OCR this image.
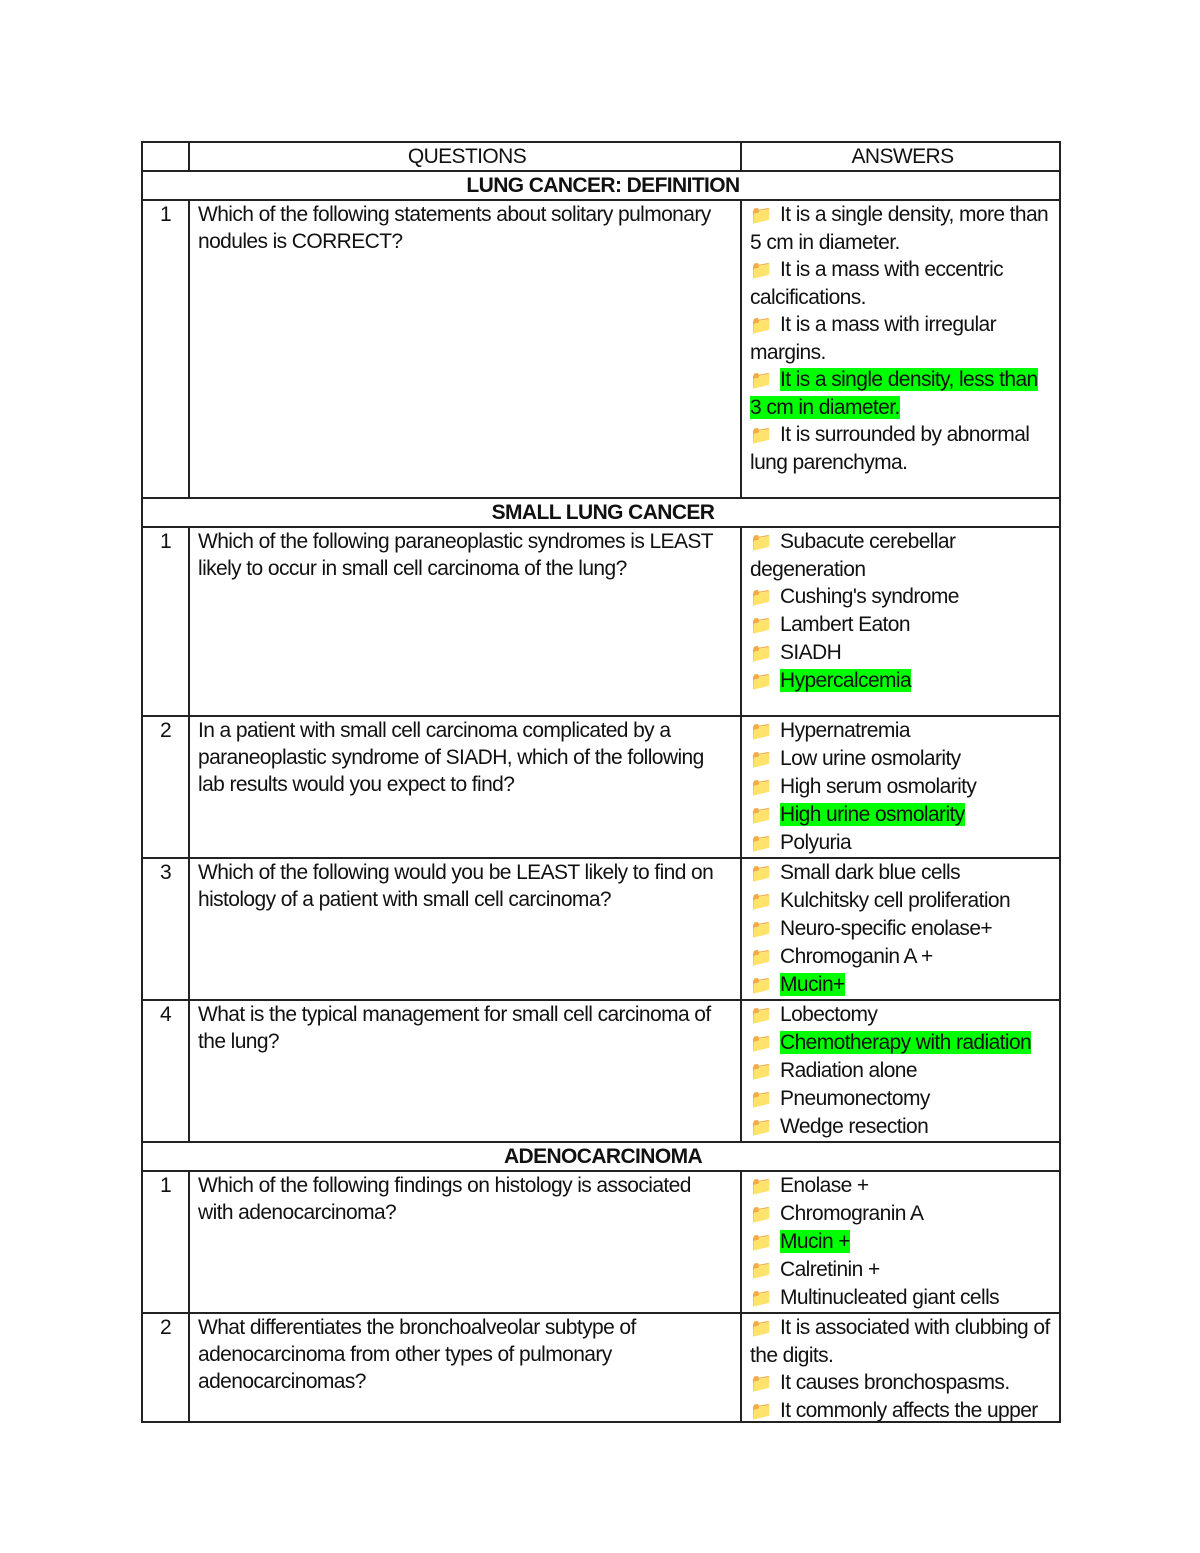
	QUESTIONS	ANSWERS
LUNG CANCER: DEFINITION		
1	Which of the following statements about solitary pulmonary nodules is CORRECT?	📁 It is a single density, more than 5 cm in diameter.
📁 It is a mass with eccentric calcifications.
📁 It is a mass with irregular margins.
📁 It is a single density, less than 3 cm in diameter.
📁 It is surrounded by abnormal lung parenchyma.

SMALL LUNG CANCER		
1	Which of the following paraneoplastic syndromes is LEAST likely to occur in small cell carcinoma of the lung?	📁 Subacute cerebellar degeneration
📁 Cushing's syndrome
📁 Lambert Eaton
📁 SIADH
📁 Hypercalcemia

2	In a patient with small cell carcinoma complicated by a paraneoplastic syndrome of SIADH, which of the following lab results would you expect to find?	📁 Hypernatremia
📁 Low urine osmolarity
📁 High serum osmolarity
📁 High urine osmolarity
📁 Polyuria

3	Which of the following would you be LEAST likely to find on histology of a patient with small cell carcinoma?	📁 Small dark blue cells
📁 Kulchitsky cell proliferation
📁 Neuro-specific enolase+
📁 Chromoganin A +
📁 Mucin+

4	What is the typical management for small cell carcinoma of the lung?	📁 Lobectomy
📁 Chemotherapy with radiation
📁 Radiation alone
📁 Pneumonectomy
📁 Wedge resection

ADENOCARCINOMA		
1	Which of the following findings on histology is associated with adenocarcinoma?	📁 Enolase +
📁 Chromogranin A
📁 Mucin +
📁 Calretinin +
📁 Multinucleated giant cells

2	What differentiates the bronchoalveolar subtype of adenocarcinoma from other types of pulmonary adenocarcinomas?	📁 It is associated with clubbing of the digits.
📁 It causes bronchospasms.
📁 It commonly affects the upper
